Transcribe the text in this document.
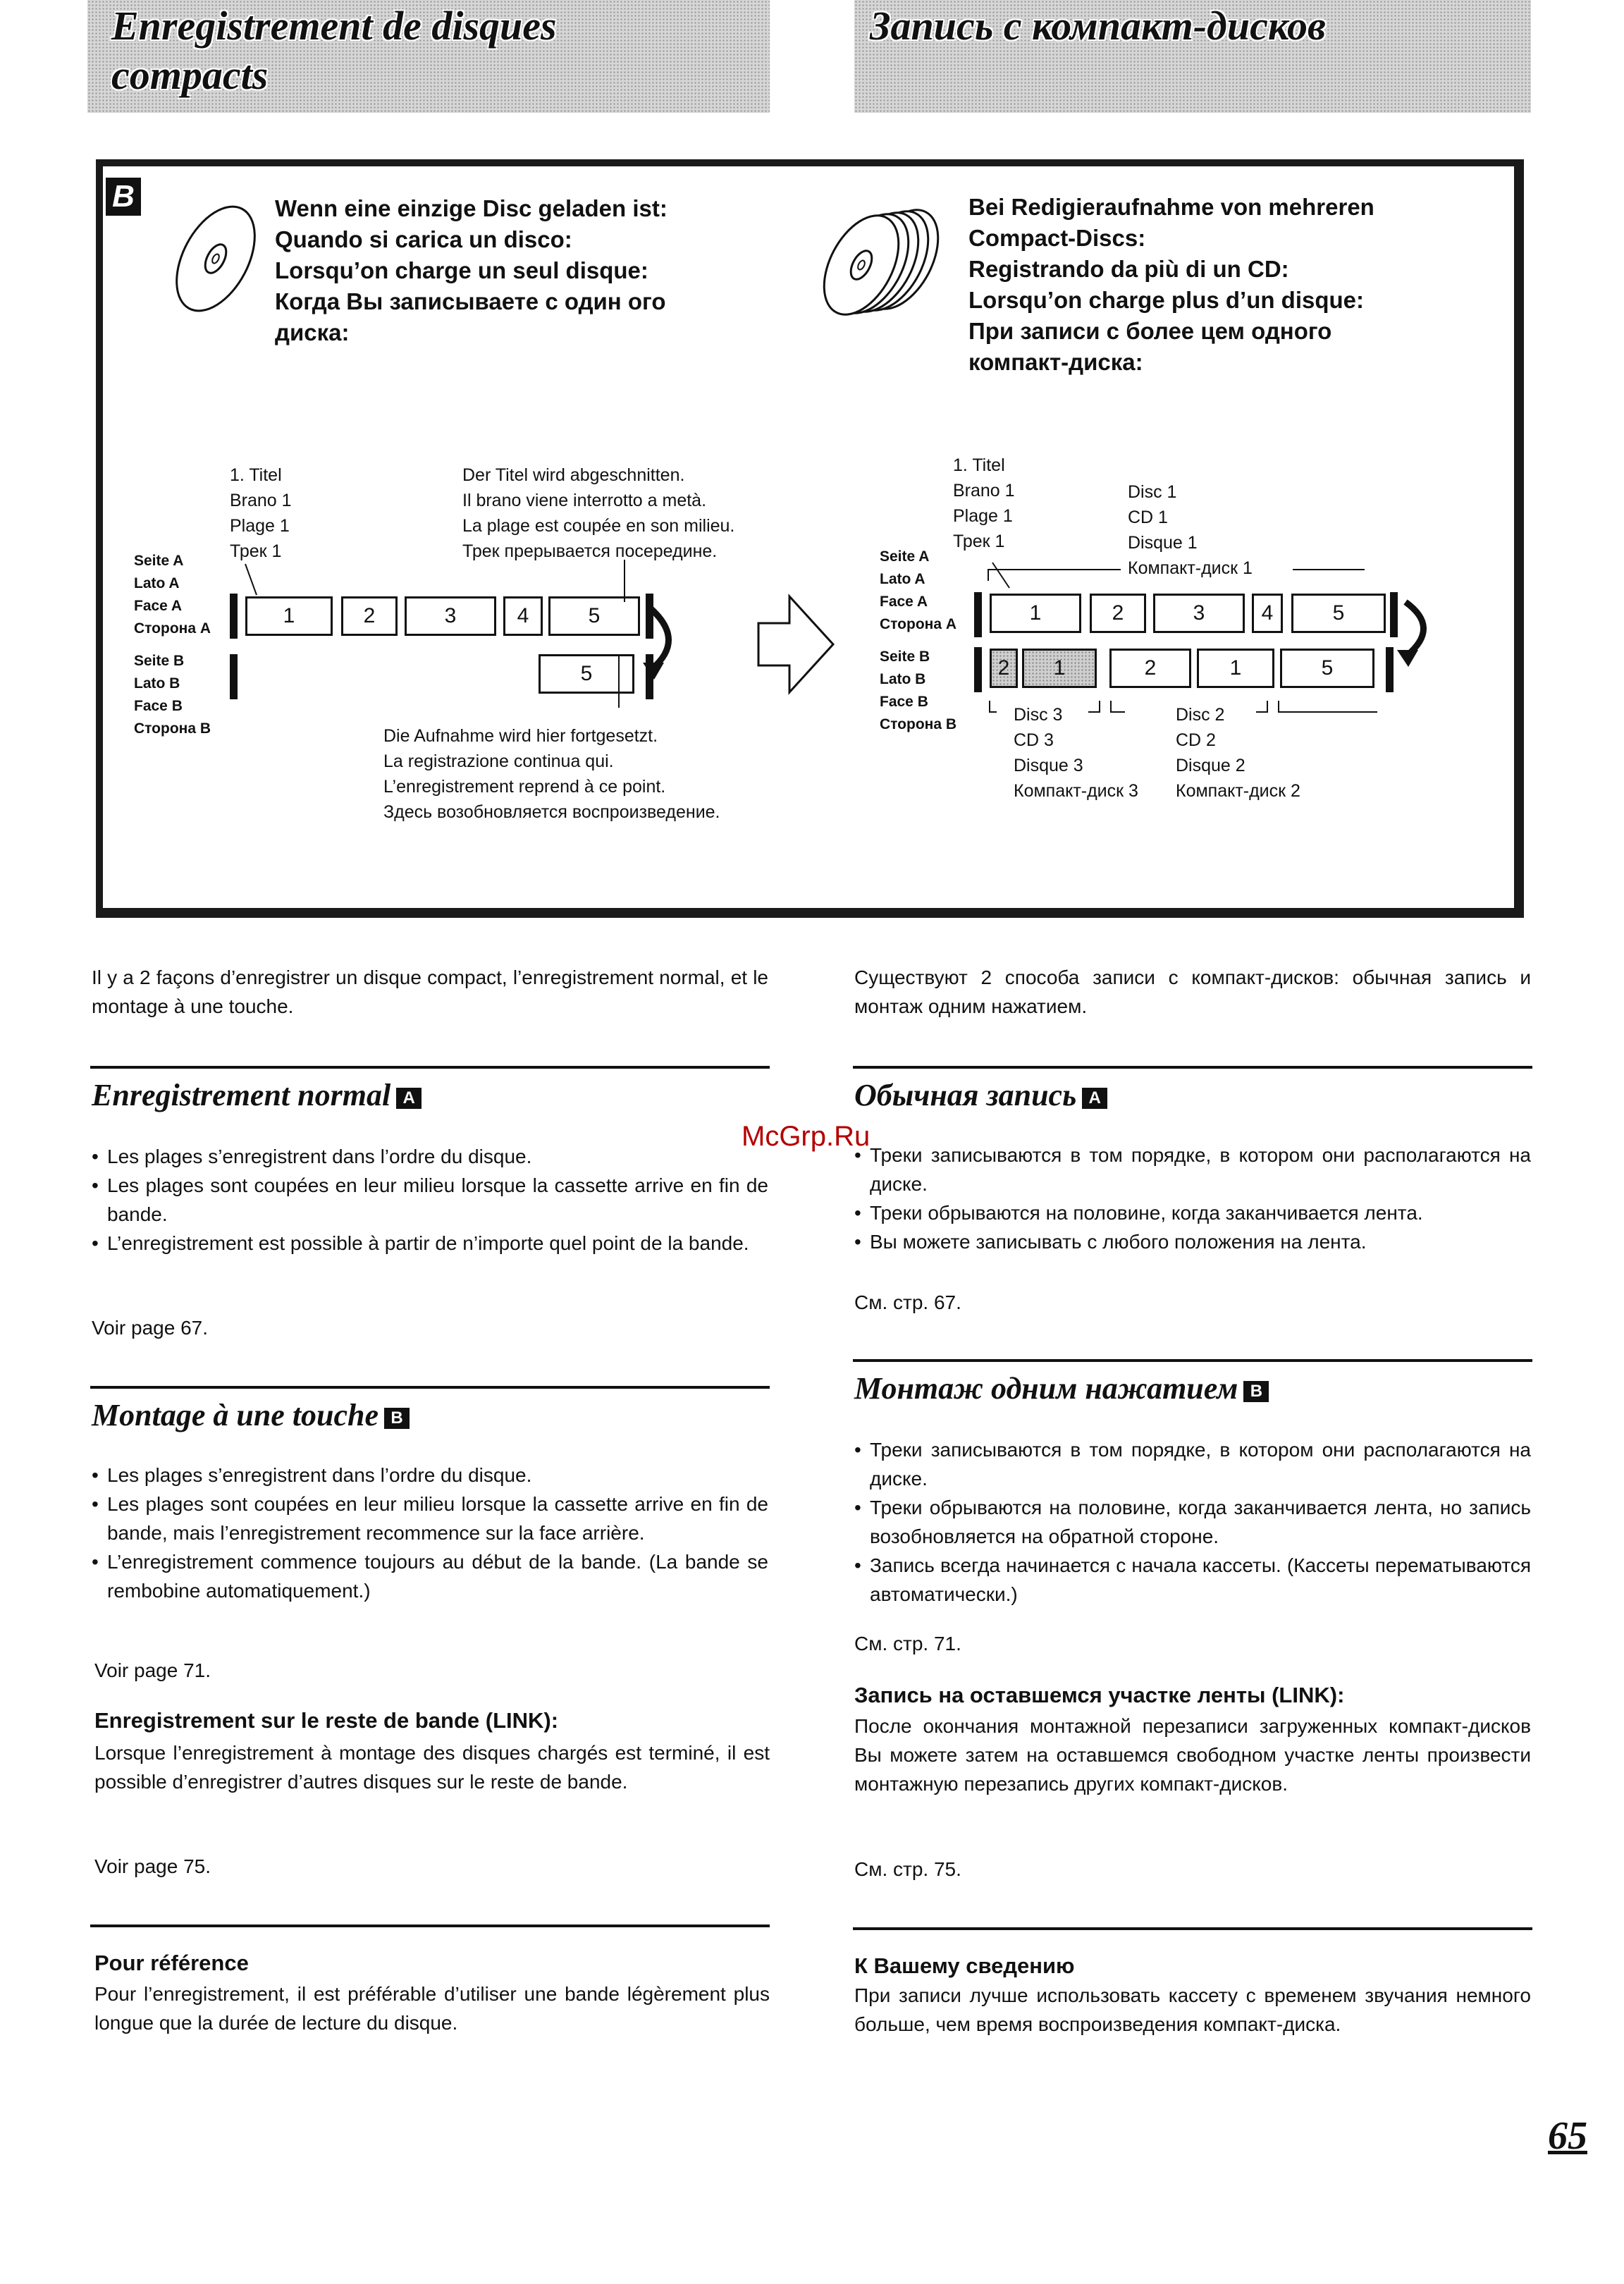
Enregistrement de disques
compacts
Запись с компакт-дисков
B	Wenn eine einzige Disc geladen ist:
Quando si carica un disco:
Lorsqu’on charge un seul disque:
Когда Вы записываете с один ого
диска:
Bei Redigieraufnahme von mehreren
Compact-Discs:
Registrando da più di un CD:
Lorsqu’on charge plus d’un disque:
При записи с более цем одного
компакт-диска:
1. Titel
Brano 1
Plage 1
Трек 1
Der Titel wird abgeschnitten.
Il brano viene interrotto a metà.
La plage est coupée en son milieu.
Трек прерывается посередине.
Seite A
Lato A
Face A
Сторона A
Seite B
Lato B
Face B
Сторона B
1	2	3	4	5
5
Die Aufnahme wird hier fortgesetzt.
La registrazione continua qui.
L’enregistrement reprend à ce point.
Здесь возобновляется воспроизведение.
1. Titel
Brano 1
Plage 1
Трек 1
Disc 1
CD 1
Disque 1
Компакт-диск 1
Seite A
Lato A
Face A
Сторона A
Seite B
Lato B
Face B
Сторона B
1	2	3	4	5
2	1	2	1	5
Disc 3
CD 3
Disque 3
Компакт-диск 3
Disc 2
CD 2
Disque 2
Компакт-диск 2

Il y a 2 façons d’enregistrer un disque compact, l’enregistrement normal, et le montage à une touche.

Enregistrement normal A
• Les plages s’enregistrent dans l’ordre du disque.
• Les plages sont coupées en leur milieu lorsque la cassette arrive en fin de bande.
• L’enregistrement est possible à partir de n’importe quel point de la bande.

Voir page 67.

Montage à une touche B
• Les plages s’enregistrent dans l’ordre du disque.
• Les plages sont coupées en leur milieu lorsque la cassette arrive en fin de bande, mais l’enregistrement recommence sur la face arrière.
• L’enregistrement commence toujours au début de la bande. (La bande se rembobine automatiquement.)

Voir page 71.

Enregistrement sur le reste de bande (LINK):

Lorsque l’enregistrement à montage des disques chargés est terminé, il est possible d’enregistrer d’autres disques sur le reste de bande.

Voir page 75.

Pour référence

Pour l’enregistrement, il est préférable d’utiliser une bande légèrement plus longue que la durée de lecture du disque.

Существуют 2 способа записи с компакт-дисков: обычная запись и монтаж одним нажатием.

Обычная запись A
• Треки записываются в том порядке, в котором они располагаются на диске.
• Треки обрываются на половине, когда заканчивается лента.
• Вы можете записывать с любого положения на лента.

См. стр. 67.

Монтаж одним нажатием B
• Треки записываются в том порядке, в котором они располагаются на диске.
• Треки обрываются на половине, когда заканчивается лента, но запись возобновляется на обратной стороне.
• Запись всегда начинается с начала кассеты. (Кассеты перематываются автоматически.)

См. стр. 71.

Запись на оставшемся участке ленты (LINK):

После окончания монтажной перезаписи загруженных компакт-дисков Вы можете затем на оставшемся свободном участке ленты произвести монтажную перезапись других компакт-дисков.

См. стр. 75.

К Вашему сведению

При записи лучше использовать кассету с временем звучания немного больше, чем время воспроизведения компакт-диска.

65
McGrp.Ru
